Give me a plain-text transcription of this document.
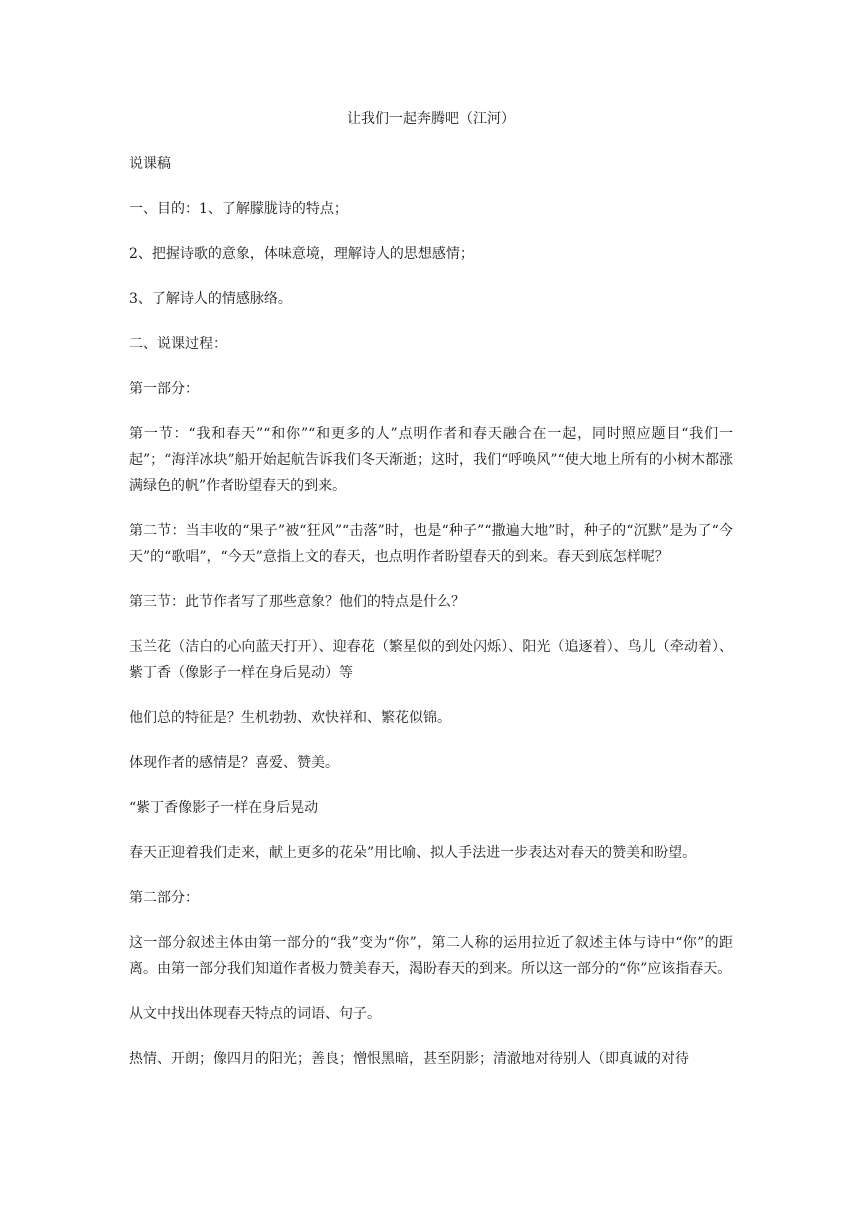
让我们一起奔腾吧（江河）

说课稿

一、目的：1、了解朦胧诗的特点；

2、把握诗歌的意象，体味意境，理解诗人的思想感情；

3、了解诗人的情感脉络。

二、说课过程：

第一部分：

第一节：“我和春天”“和你”“和更多的人”点明作者和春天融合在一起，同时照应题目“我们一起”；“海洋冰块”船开始起航告诉我们冬天渐逝；这时，我们“呼唤风”“使大地上所有的小树木都涨满绿色的帆”作者盼望春天的到来。

第二节：当丰收的“果子”被“狂风”“击落”时，也是“种子”“撒遍大地”时，种子的“沉默”是为了“今天”的“歌唱”，“今天”意指上文的春天，也点明作者盼望春天的到来。春天到底怎样呢？

第三节：此节作者写了那些意象？他们的特点是什么？

玉兰花（洁白的心向蓝天打开）、迎春花（繁星似的到处闪烁）、阳光（追逐着）、鸟儿（牵动着）、紫丁香（像影子一样在身后晃动）等

他们总的特征是？生机勃勃、欢快祥和、繁花似锦。

体现作者的感情是？喜爱、赞美。

“紫丁香像影子一样在身后晃动

春天正迎着我们走来，献上更多的花朵”用比喻、拟人手法进一步表达对春天的赞美和盼望。

第二部分：

这一部分叙述主体由第一部分的“我”变为“你”，第二人称的运用拉近了叙述主体与诗中“你”的距离。由第一部分我们知道作者极力赞美春天，渴盼春天的到来。所以这一部分的“你”应该指春天。

从文中找出体现春天特点的词语、句子。

热情、开朗；像四月的阳光；善良；憎恨黑暗，甚至阴影；清澈地对待别人（即真诚的对待
